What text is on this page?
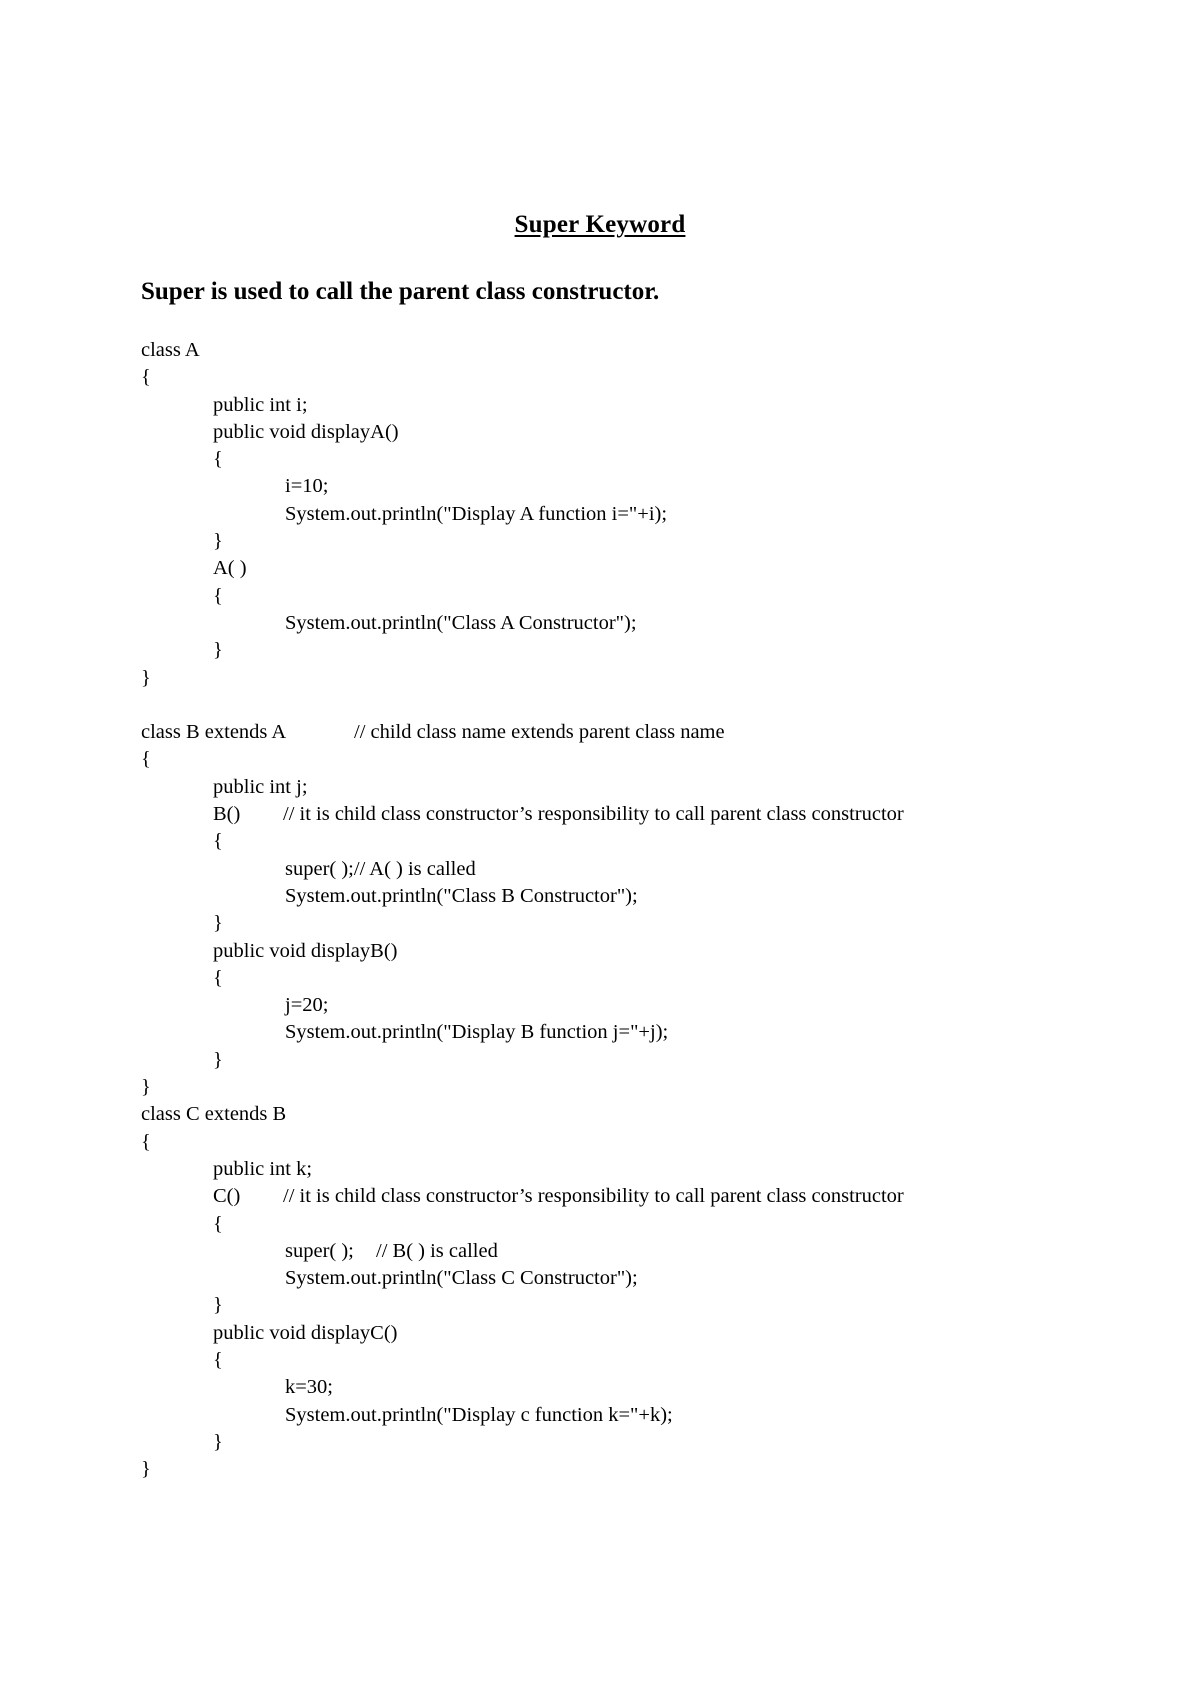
Super Keyword
Super is used to call the parent class constructor.
class A
{
public int i;
public void displayA()
{
i=10;
System.out.println("Display A function i="+i);
}
A( )
{
System.out.println("Class A Constructor");
}
}
class B extends A	// child class name extends parent class name
{
public int j;
B() // it is child class constructor’s responsibility to call parent class constructor
{
super( );// A( ) is called
System.out.println("Class B Constructor");
}
public void displayB()
{
j=20;
System.out.println("Display B function j="+j);
}
}
class C extends B
{
public int k;
C() // it is child class constructor’s responsibility to call parent class constructor
{
super( ); // B( ) is called
System.out.println("Class C Constructor");
}
public void displayC()
{
k=30;
System.out.println("Display c function k="+k);
}
}
